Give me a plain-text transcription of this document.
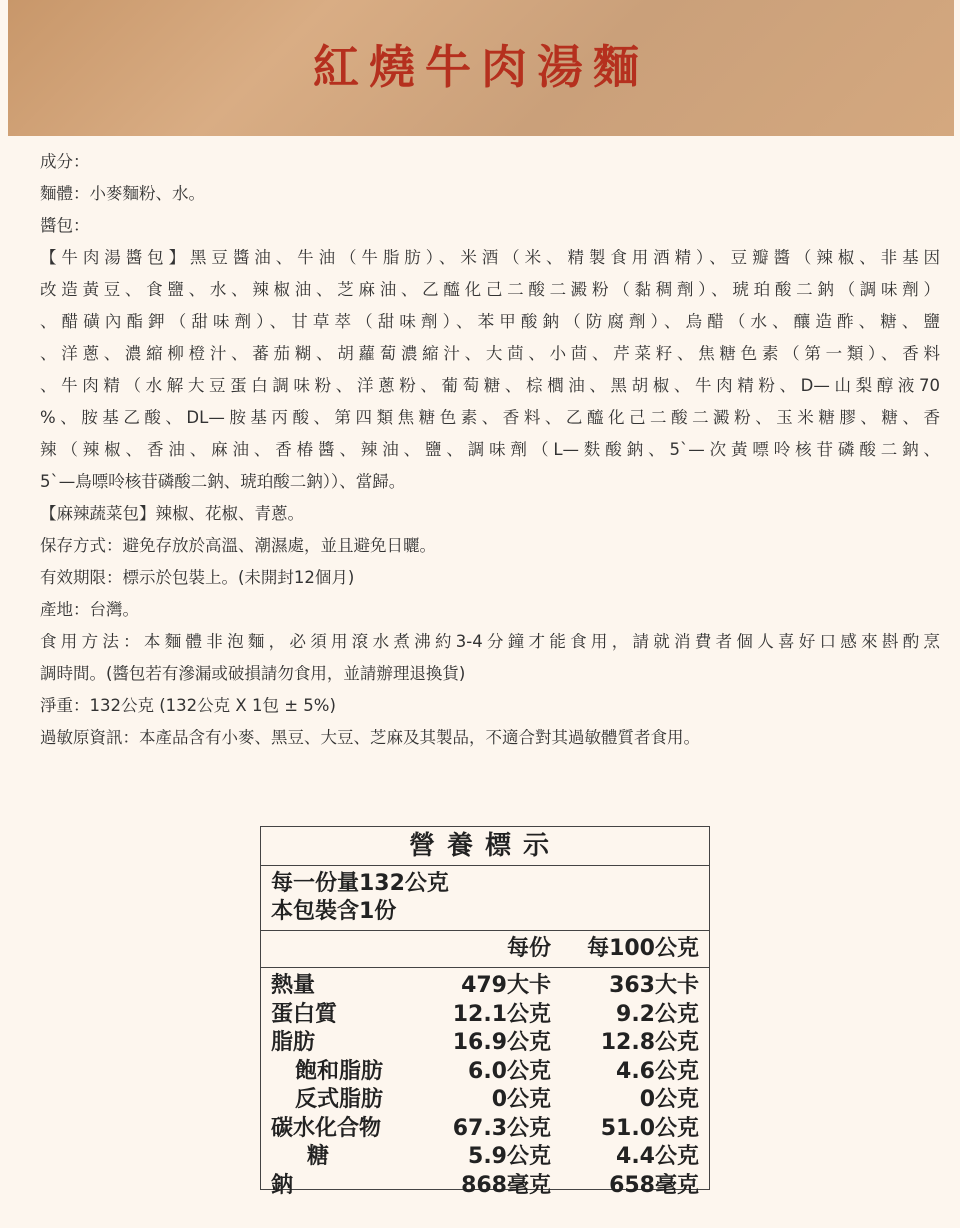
紅燒牛肉湯麵
成分：
麵體：小麥麵粉、水。
醬包：
【牛肉湯醬包】黑豆醬油、牛油（牛脂肪）、米酒（米、精製食用酒精）、豆瓣醬（辣椒、非基因
改造黃豆、食鹽、水、辣椒油、芝麻油、乙醯化己二酸二澱粉（黏稠劑）、琥珀酸二鈉（調味劑）
、醋磺內酯鉀（甜味劑）、甘草萃（甜味劑）、苯甲酸鈉（防腐劑）、烏醋（水、釀造酢、糖、鹽
、洋蔥、濃縮柳橙汁、蕃茄糊、胡蘿蔔濃縮汁、大茴、小茴、芹菜籽、焦糖色素（第一類）、香料
、牛肉精（水解大豆蛋白調味粉、洋蔥粉、葡萄糖、棕櫚油、黑胡椒、牛肉精粉、D—山梨醇液70
%、胺基乙酸、DL—胺基丙酸、第四類焦糖色素、香料、乙醯化己二酸二澱粉、玉米糖膠、糖、香
辣（辣椒、香油、麻油、香椿醬、辣油、鹽、調味劑（L—麩酸鈉、5`—次黃嘌呤核苷磷酸二鈉、
5`—鳥嘌呤核苷磷酸二鈉、琥珀酸二鈉））、當歸。
【麻辣蔬菜包】辣椒、花椒、青蔥。
保存方式：避免存放於高溫、潮濕處，並且避免日曬。
有效期限：標示於包裝上。(未開封12個月)
產地：台灣。
食用方法：本麵體非泡麵，必須用滾水煮沸約3-4分鐘才能食用，請就消費者個人喜好口感來斟酌烹
調時間。(醬包若有滲漏或破損請勿食用，並請辦理退換貨)
淨重：132公克 (132公克 X 1包 ± 5%)
過敏原資訊：本產品含有小麥、黑豆、大豆、芝麻及其製品，不適合對其過敏體質者食用。
營養標示
每一份量132公克
本包裝含1份
每份	每100公克
熱量	479大卡	363大卡
蛋白質	12.1公克	9.2公克
脂肪	16.9公克	12.8公克
飽和脂肪	6.0公克	4.6公克
反式脂肪	0公克	0公克
碳水化合物	67.3公克	51.0公克
糖	5.9公克	4.4公克
鈉	868毫克	658毫克
